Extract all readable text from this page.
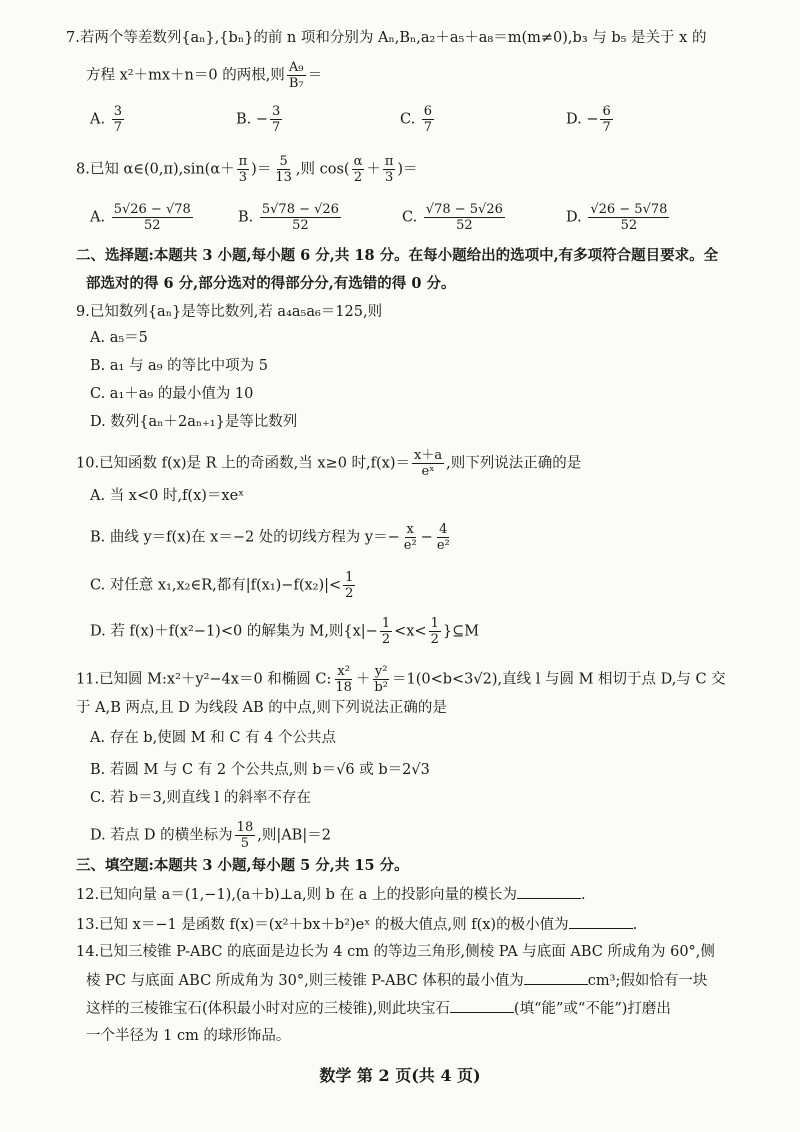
7.若两个等差数列{aₙ},{bₙ}的前 n 项和分别为 Aₙ,Bₙ,a₂＋a₅＋a₈＝m(m≠0),b₃ 与 b₅ 是关于 x 的
方程 x²＋mx＋n＝0 的两根,则 $\frac{\text{A₉}}{\text{B₇}}$ ＝
A. $\frac{3}{7}$	B. − $\frac{3}{7}$	C. $\frac{6}{7}$	D. − $\frac{6}{7}$
8.已知 α∈(0,π),sin(α＋ $\frac{\pi}{3}$ )＝ $\frac{5}{13}$ ,则 $\cos( \frac{\alpha}{2} + \frac{\pi}{3}$ )＝
A. $\frac{5√26 - √78}{52}$	B. $\frac{5√78 - √26}{52}$	C. $\frac{√78 - 5√26}{52}$	D. $\frac{√26 - 5√78}{52}$
二、选择题:本题共 3 小题,每小题 6 分,共 18 分。在每小题给出的选项中,有多项符合题目要求。全
部选对的得 6 分,部分选对的得部分分,有选错的得 0 分。
9.已知数列{aₙ}是等比数列,若 a₄a₅a₆＝125,则
A. a₅＝5
B. a₁ 与 a₉ 的等比中项为 5
C. a₁＋a₉ 的最小值为 10
D. 数列{aₙ＋2aₙ₊₁}是等比数列
10.已知函数 f(x)是 R 上的奇函数,当 x≥0 时$,f(x)= \frac{x+a}{\text{eˣ}}$ ,则下列说法正确的是
A. 当 x<0 时,f(x)＝xeˣ
B. 曲线 y＝f(x)在 x＝−2 处的切线方程为 $y=- \frac{x}{\text{e²}} - \frac{4}{\text{e²}}$
C. 对任意 x₁,x₂∈R,都有$|f(x_1)-f(x_2)|< \frac{1}{2}$
D. 若 f(x)＋f(x²−1)<0 的解集为 M,则{$x|- \frac{1}{2} <x< \frac{1}{2}$ }⊆M
11.已知圆 M:x²＋y²−4x＝0 和椭圆 C: $\frac{\text{x²}}{18} + \frac{\text{y²}}{\text{b²}} =1(0<b<3√2)$,直线 l 与圆 M 相切于点 D,与 C 交
于 A,B 两点,且 D 为线段 AB 的中点,则下列说法正确的是
A. 存在 b,使圆 M 和 C 有 4 个公共点
B. 若圆 M 与 C 有 2 个公共点,则 b＝√6 或 b＝2√3
C. 若 b＝3,则直线 l 的斜率不存在
D. 若点 D 的横坐标为 $\frac{18}{5}$ ,则|AB|＝2
三、填空题:本题共 3 小题,每小题 5 分,共 15 分。
12.已知向量 a＝(1,−1),(a＋b)⊥a,则 b 在 a 上的投影向量的模长为	.
13.已知 x＝−1 是函数 f(x)＝(x²＋bx＋b²)eˣ 的极大值点,则 f(x)的极小值为	.
14.已知三棱锥 P-ABC 的底面是边长为 4 cm 的等边三角形,侧棱 PA 与底面 ABC 所成角为 60°,侧
棱 PC 与底面 ABC 所成角为 30°,则三棱锥 P-ABC 体积的最小值为	cm³;假如恰有一块
这样的三棱锥宝石(体积最小时对应的三棱锥),则此块宝石	(填“能”或“不能”)打磨出
一个半径为 1 cm 的球形饰品。
数学 第 2 页(共 4 页)
